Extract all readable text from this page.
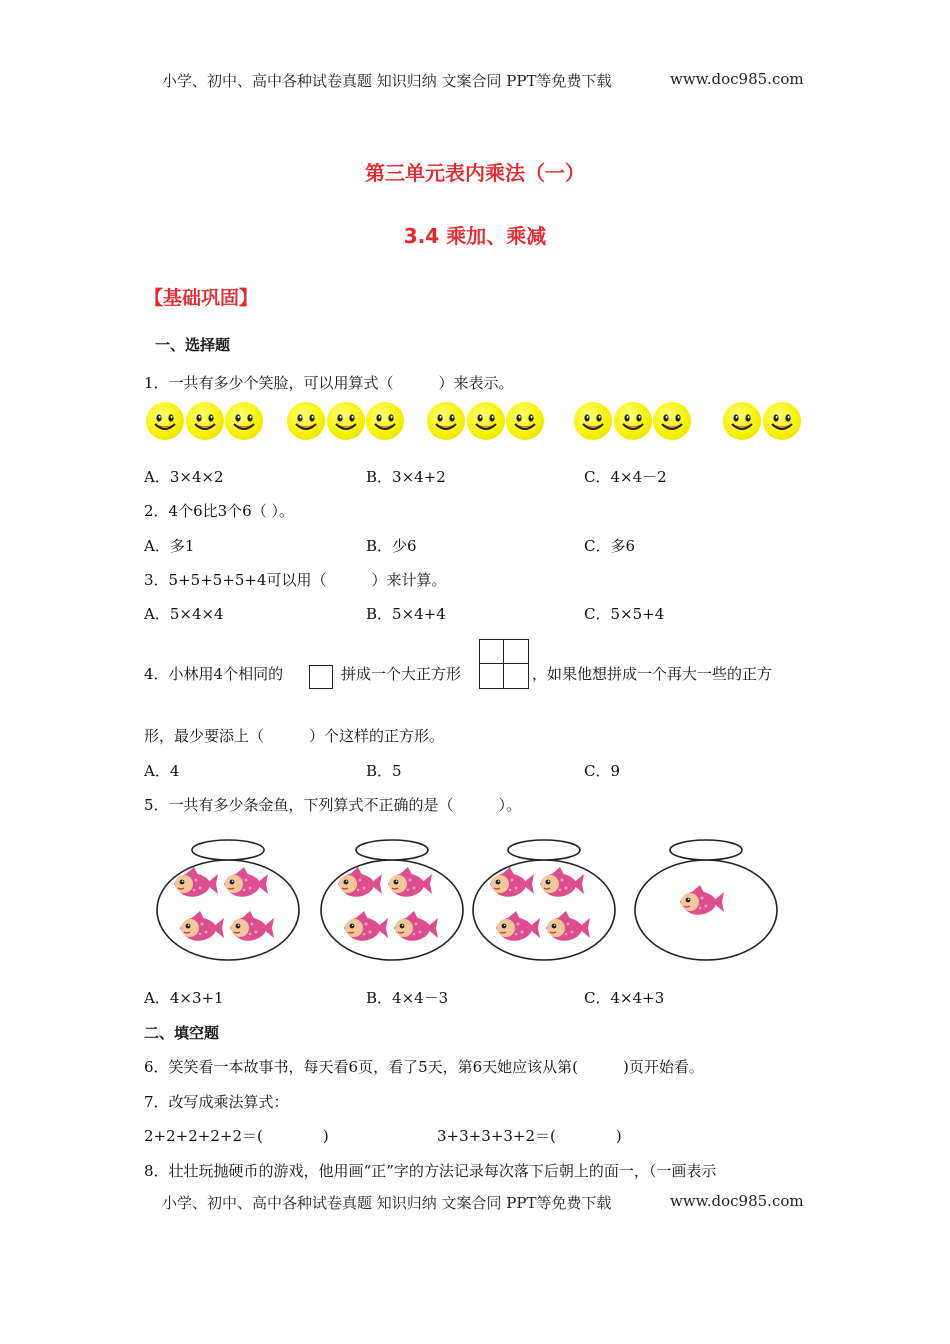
小学、初中、高中各种试卷真题 知识归纳 文案合同 PPT等免费下载	www.doc985.com
第三单元表内乘法（一）
3.4 乘加、乘减
【基础巩固】
一、选择题
1．一共有多少个笑脸，可以用算式（　　　）来表示。
A．3×4×2	B．3×4+2	C．4×4－2
2．4个6比3个6（ ）。
A．多1	B．少6	C．多6
3．5+5+5+5+4可以用（　　　）来计算。
A．5×4×4	B．5×4+4	C．5×5+4
4．小林用4个相同的	拼成一个大正方形	，如果他想拼成一个再大一些的正方
形，最少要添上（　　　）个这样的正方形。
A．4	B．5	C．9
5．一共有多少条金鱼，下列算式不正确的是（　　　）。
A．4×3+1	B．4×4－3	C．4×4+3
二、填空题
6．笑笑看一本故事书，每天看6页，看了5天，第6天她应该从第(　　　)页开始看。
7．改写成乘法算式：
2+2+2+2+2＝(　　　　)	3+3+3+3+2＝(　　　　)
8．壮壮玩抛硬币的游戏，他用画“正”字的方法记录每次落下后朝上的面一，（一画表示
小学、初中、高中各种试卷真题 知识归纳 文案合同 PPT等免费下载	www.doc985.com
